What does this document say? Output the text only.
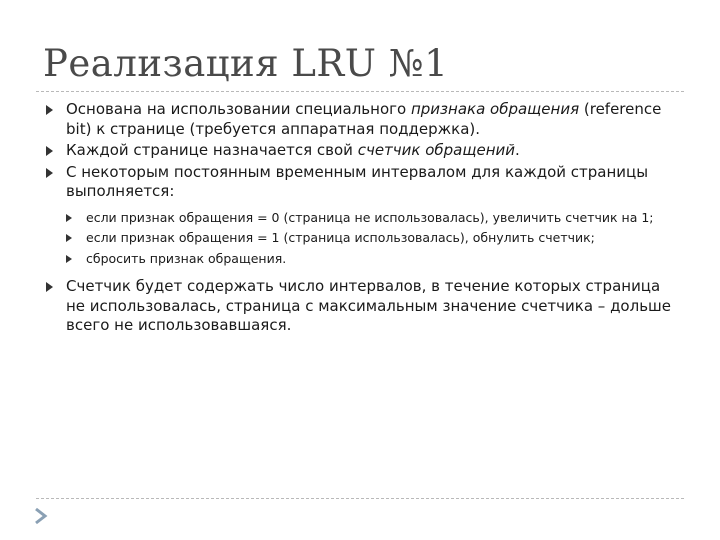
Реализация LRU №1
Основана на использовании специального признака обращения (reference bit) к странице (требуется аппаратная поддержка).
Каждой странице назначается свой счетчик обращений.
С некоторым постоянным временным интервалом для каждой страницы выполняется:
если признак обращения = 0 (страница не использовалась), увеличить счетчик на 1;
если признак обращения = 1 (страница использовалась), обнулить счетчик;
сбросить признак обращения.
Счетчик будет содержать число интервалов, в течение которых страница не использовалась, страница с максимальным значение счетчика – дольше всего не использовавшаяся.
